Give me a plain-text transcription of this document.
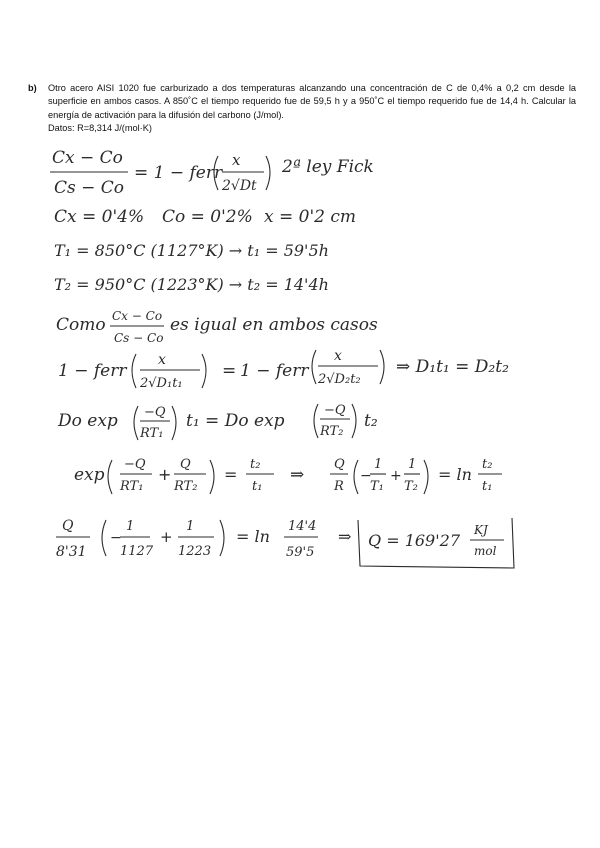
b) Otro acero AISI 1020 fue carburizado a dos temperaturas alcanzando una concentración de C de 0,4% a 0,2 cm desde la superficie en ambos casos. A 850˚C el tiempo requerido fue de 59,5 h y a 950˚C el tiempo requerido fue de 14,4 h. Calcular la energía de activación para la difusión del carbono (J/mol).
Datos: R=8,314 J/(mol·K)
Cx − Co
Cs − Co
= 1 − ferr
x
2√Dt
2ª ley Fick
Cx = 0'4% Co = 0'2% x = 0'2 cm
T₁ = 850°C (1127°K) → t₁ = 59'5h
T₂ = 950°C (1223°K) → t₂ = 14'4h
Como Cx − Co
Cs − Co
es igual en ambos casos
1 − ferr
x
2√D₁t₁
= 1 − ferr
x
2√D₂t₂
⇒ D₁t₁ = D₂t₂
Do exp −Q
RT₁
t₁ = Do exp
−Q
RT₂
t₂
exp
−Q
RT₁
+
Q
RT₂
=
t₂
t₁
⇒
Q
R
−
1
T₁
+
1
T₂
= ln
t₂
t₁
Q
8'31
−
1
1127
+
1
1223
= ln
14'4
59'5
⇒ Q = 169'27
KJ
mol
